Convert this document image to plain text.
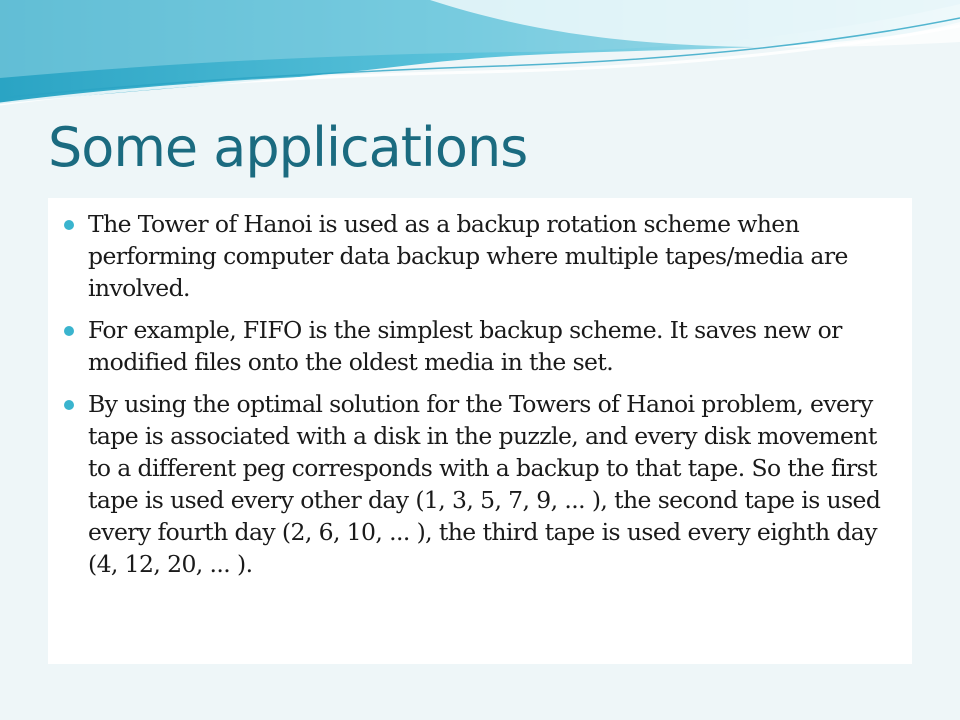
Some applications
The Tower of Hanoi is used as a backup rotation scheme when performing computer data backup where multiple tapes/media are involved.
For example, FIFO is the simplest backup scheme. It saves new or modified files onto the oldest media in the set.
By using the optimal solution for the Towers of Hanoi problem, every tape is associated with a disk in the puzzle, and every disk movement to a different peg corresponds with a backup to that tape. So the first tape is used every other day (1, 3, 5, 7, 9, ... ), the second tape is used every fourth day (2, 6, 10, ... ), the third tape is used every eighth day (4, 12, 20, ... ).
